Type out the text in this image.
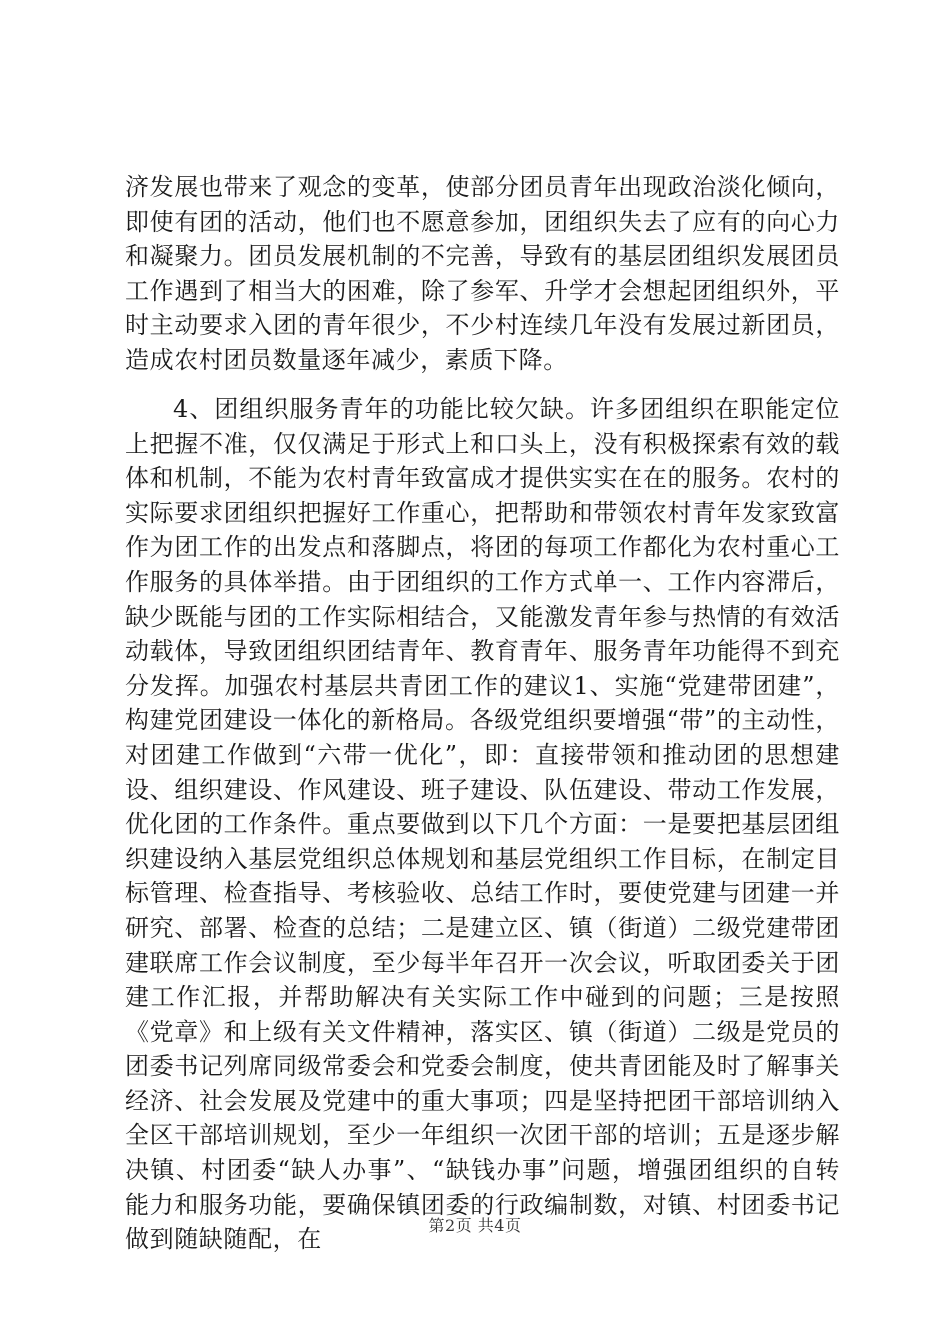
济发展也带来了观念的变革，使部分团员青年出现政治淡化倾向，即使有团的活动，他们也不愿意参加，团组织失去了应有的向心力和凝聚力。团员发展机制的不完善，导致有的基层团组织发展团员工作遇到了相当大的困难，除了参军、升学才会想起团组织外，平时主动要求入团的青年很少，不少村连续几年没有发展过新团员，造成农村团员数量逐年减少，素质下降。

4、团组织服务青年的功能比较欠缺。许多团组织在职能定位上把握不准，仅仅满足于形式上和口头上，没有积极探索有效的载体和机制，不能为农村青年致富成才提供实实在在的服务。农村的实际要求团组织把握好工作重心，把帮助和带领农村青年发家致富作为团工作的出发点和落脚点，将团的每项工作都化为农村重心工作服务的具体举措。由于团组织的工作方式单一、工作内容滞后，缺少既能与团的工作实际相结合，又能激发青年参与热情的有效活动载体，导致团组织团结青年、教育青年、服务青年功能得不到充分发挥。加强农村基层共青团工作的建议1、实施“党建带团建”，构建党团建设一体化的新格局。各级党组织要增强“带”的主动性，对团建工作做到“六带一优化”，即：直接带领和推动团的思想建设、组织建设、作风建设、班子建设、队伍建设、带动工作发展，优化团的工作条件。重点要做到以下几个方面：一是要把基层团组织建设纳入基层党组织总体规划和基层党组织工作目标，在制定目标管理、检查指导、考核验收、总结工作时，要使党建与团建一并研究、部署、检查的总结；二是建立区、镇（街道）二级党建带团建联席工作会议制度，至少每半年召开一次会议，听取团委关于团建工作汇报，并帮助解决有关实际工作中碰到的问题；三是按照《党章》和上级有关文件精神，落实区、镇（街道）二级是党员的团委书记列席同级常委会和党委会制度，使共青团能及时了解事关经济、社会发展及党建中的重大事项；四是坚持把团干部培训纳入全区干部培训规划，至少一年组织一次团干部的培训；五是逐步解决镇、村团委“缺人办事”、“缺钱办事”问题，增强团组织的自转能力和服务功能，要确保镇团委的行政编制数，对镇、村团委书记做到随缺随配，在	第2页 共4页
